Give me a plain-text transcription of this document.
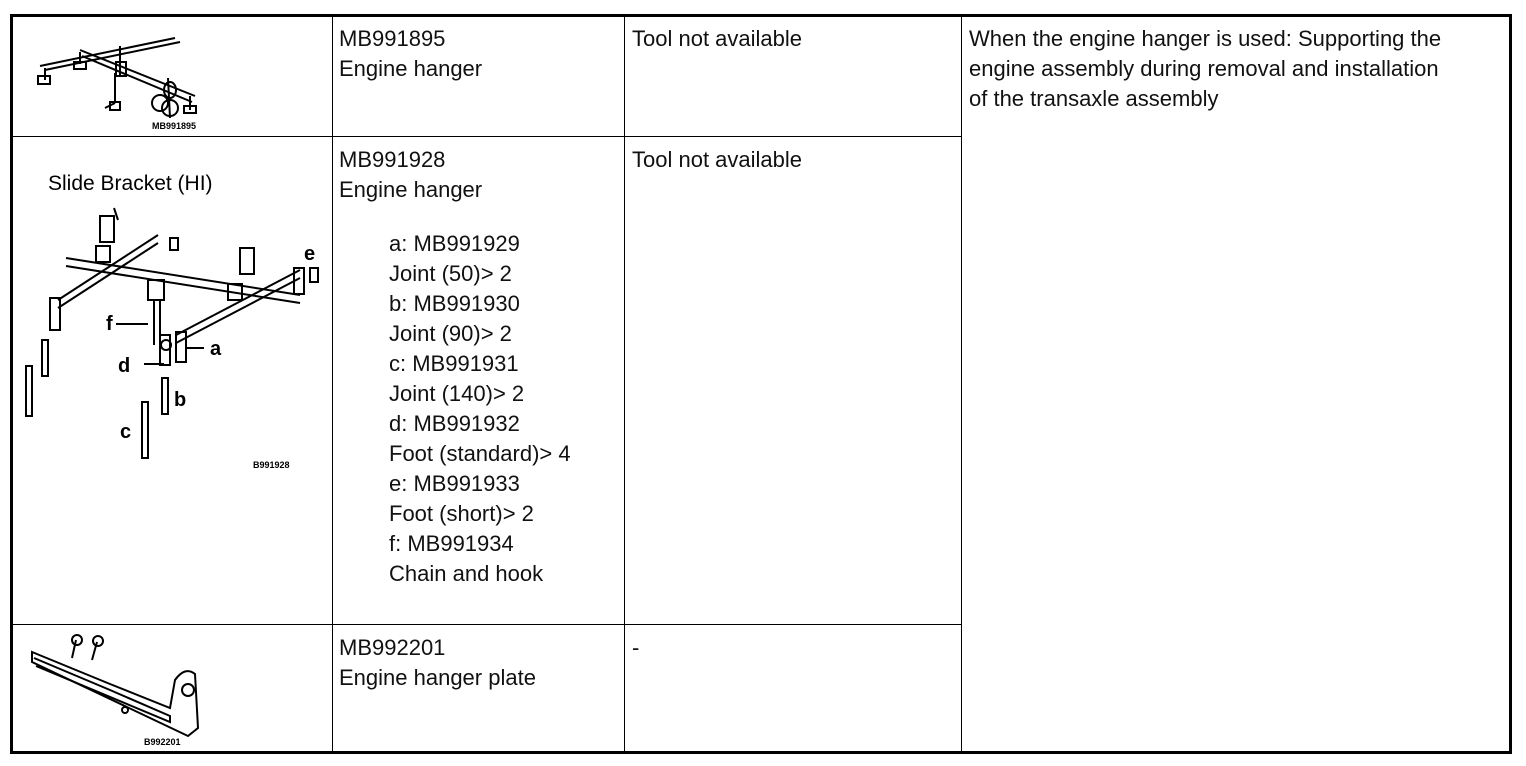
MB991895
MB991895
Engine hanger
Tool not available
Slide Bracket (HI)
f
a
d
e
b
c
B991928
MB991928
Engine hanger
a: MB991929
Joint (50)> 2
b: MB991930
Joint (90)> 2
c: MB991931
Joint (140)> 2
d: MB991932
Foot (standard)> 4
e: MB991933
Foot (short)> 2
f: MB991934
Chain and hook
Tool not available
B992201
MB992201
Engine hanger plate
-
When the engine hanger is used: Supporting the
engine assembly during removal and installation
of the transaxle assembly
